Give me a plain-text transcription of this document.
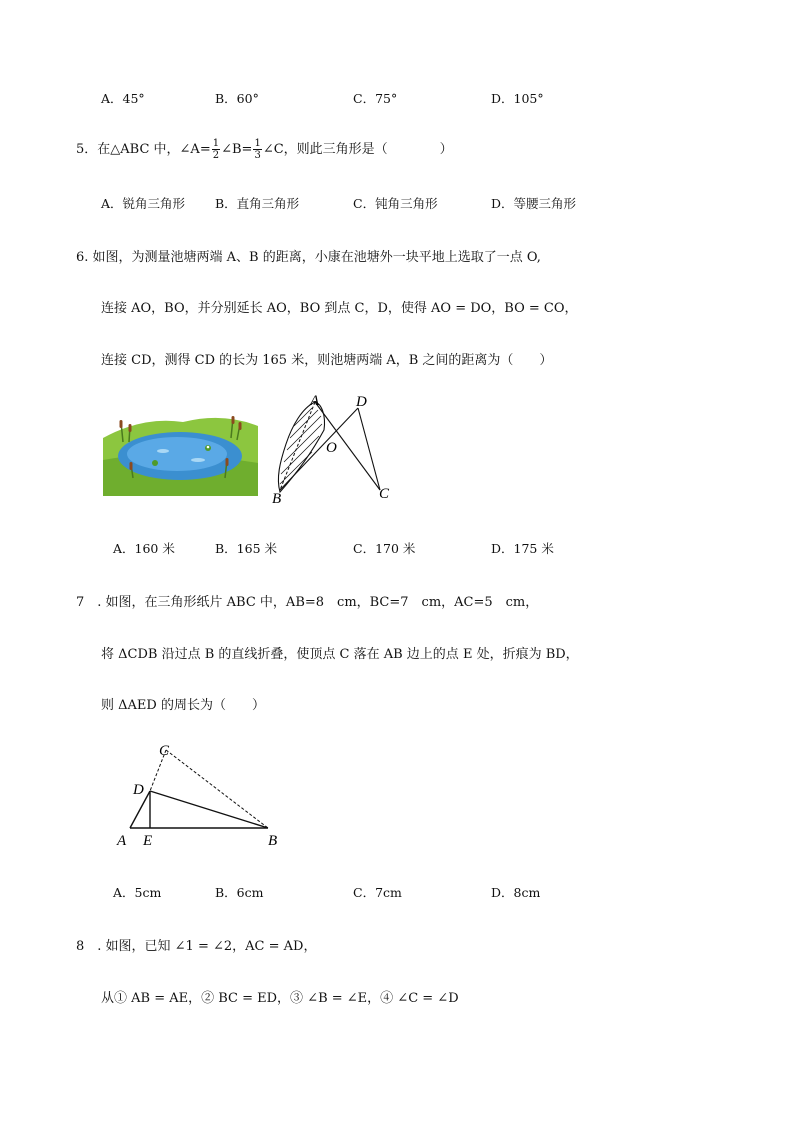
A．45°	B．60°	C．75°	D．105°
5．在△ABC 中，∠A= $\frac{1}{2}$ ∠B= $\frac{1}{3}$ ∠C，则此三角形是（　　　　）
A．锐角三角形 B．直角三角形	C．钝角三角形	D．等腰三角形
6. 如图，为测量池塘两端 A、B 的距离，小康在池塘外一块平地上选取了一点 O,
连接 AO，BO，并分别延长 AO，BO 到点 C，D，使得 AO = DO，BO = CO，
连接 CD，测得 CD 的长为 165 米，则池塘两端 A，B 之间的距离为（　　）
A D
O
B	C
A．160 米	B．165 米	C．170 米	D．175 米
7　. 如图，在三角形纸片 ABC 中，AB=8　cm，BC=7　cm，AC=5　cm，
将 ΔCDB 沿过点 B 的直线折叠，使顶点 C 落在 AB 边上的点 E 处，折痕为 BD，
则 ΔAED 的周长为（　　）
C
D
A E	B
A．5cm	B．6cm	C．7cm	D．8cm
8　. 如图，已知 ∠1 = ∠2，AC = AD，
从① AB = AE，② BC = ED，③ ∠B = ∠E，④ ∠C = ∠D
